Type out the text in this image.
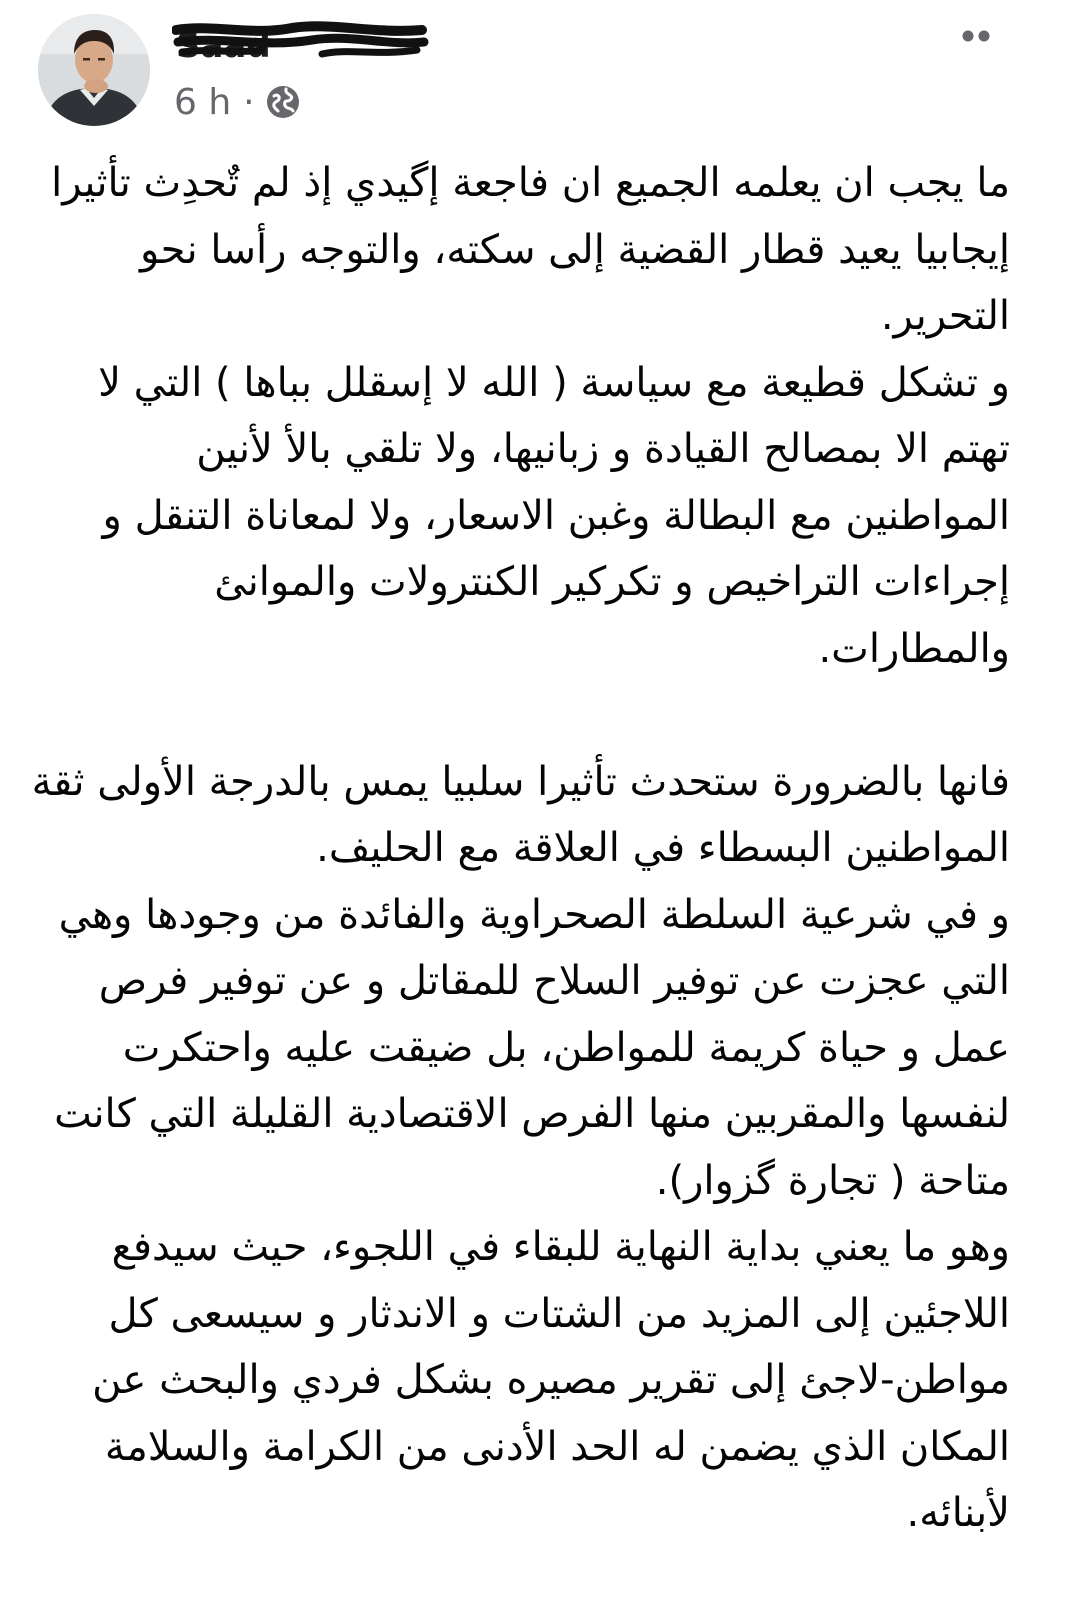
Saad
6 h ·

ما يجب ان يعلمه الجميع ان فاجعة إگيدي إذ لم تٌحدِث تأثيرا إيجابيا يعيد قطار القضية إلى سكته، والتوجه رأسا نحو التحرير.

و تشكل قطيعة مع سياسة ( الله لا إسقلل بباها ) التي لا تهتم الا بمصالح القيادة و زبانيها، ولا تلقي بالأ لأنين المواطنين مع البطالة وغبن الاسعار، ولا لمعاناة التنقل و إجراءات التراخيص و تكركير الكنترولات والموانئ والمطارات.

فانها بالضرورة ستحدث تأثيرا سلبيا يمس بالدرجة الأولى ثقة المواطنين البسطاء في العلاقة مع الحليف.

و في شرعية السلطة الصحراوية والفائدة من وجودها وهي التي عجزت عن توفير السلاح للمقاتل و عن توفير فرص عمل و حياة كريمة للمواطن، بل ضيقت عليه واحتكرت لنفسها والمقربين منها الفرص الاقتصادية القليلة التي كانت متاحة ( تجارة گزوار).

وهو ما يعني بداية النهاية للبقاء في اللجوء، حيث سيدفع اللاجئين إلى المزيد من الشتات و الاندثار و سيسعى كل مواطن-لاجئ إلى تقرير مصيره بشكل فردي والبحث عن المكان الذي يضمن له الحد الأدنى من الكرامة والسلامة لأبنائه.
